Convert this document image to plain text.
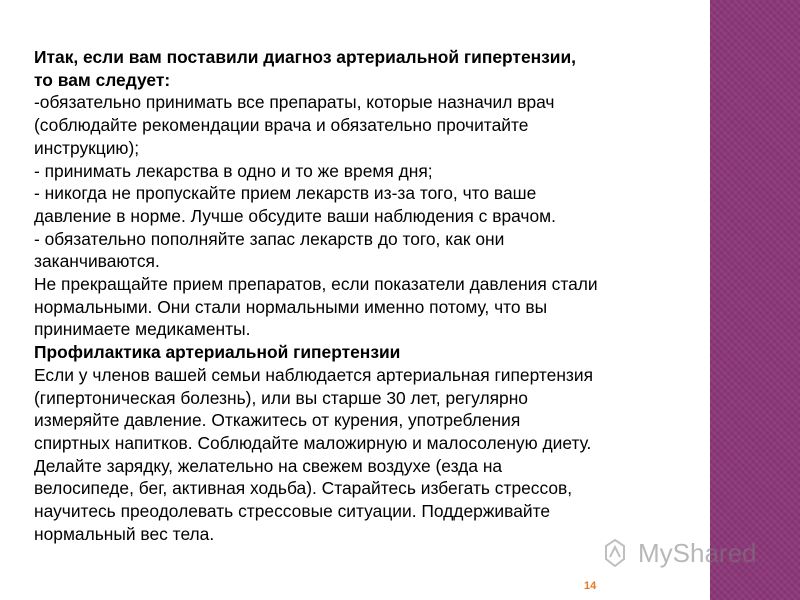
Итак, если вам поставили диагноз артериальной гипертензии,

то вам следует:

-обязательно принимать все препараты, которые назначил врач

(соблюдайте рекомендации врача и обязательно прочитайте

инструкцию);

- принимать лекарства в одно и то же время дня;

- никогда не пропускайте прием лекарств из-за того, что ваше

давление в норме. Лучше обсудите ваши наблюдения с врачом.

- обязательно пополняйте запас лекарств до того, как они

заканчиваются.

Не прекращайте прием препаратов, если показатели давления стали

нормальными. Они стали нормальными именно потому, что вы

принимаете медикаменты.

Профилактика артериальной гипертензии

Если у членов вашей семьи наблюдается артериальная гипертензия

(гипертоническая болезнь), или вы старше 30 лет, регулярно

измеряйте давление. Откажитесь от курения, употребления

спиртных напитков. Соблюдайте маложирную и малосоленую диету.

Делайте зарядку, желательно на свежем воздухе (езда на

велосипеде, бег, активная ходьба). Старайтесь избегать стрессов,

научитесь преодолевать стрессовые ситуации. Поддерживайте

нормальный вес тела.

MyShared
14
